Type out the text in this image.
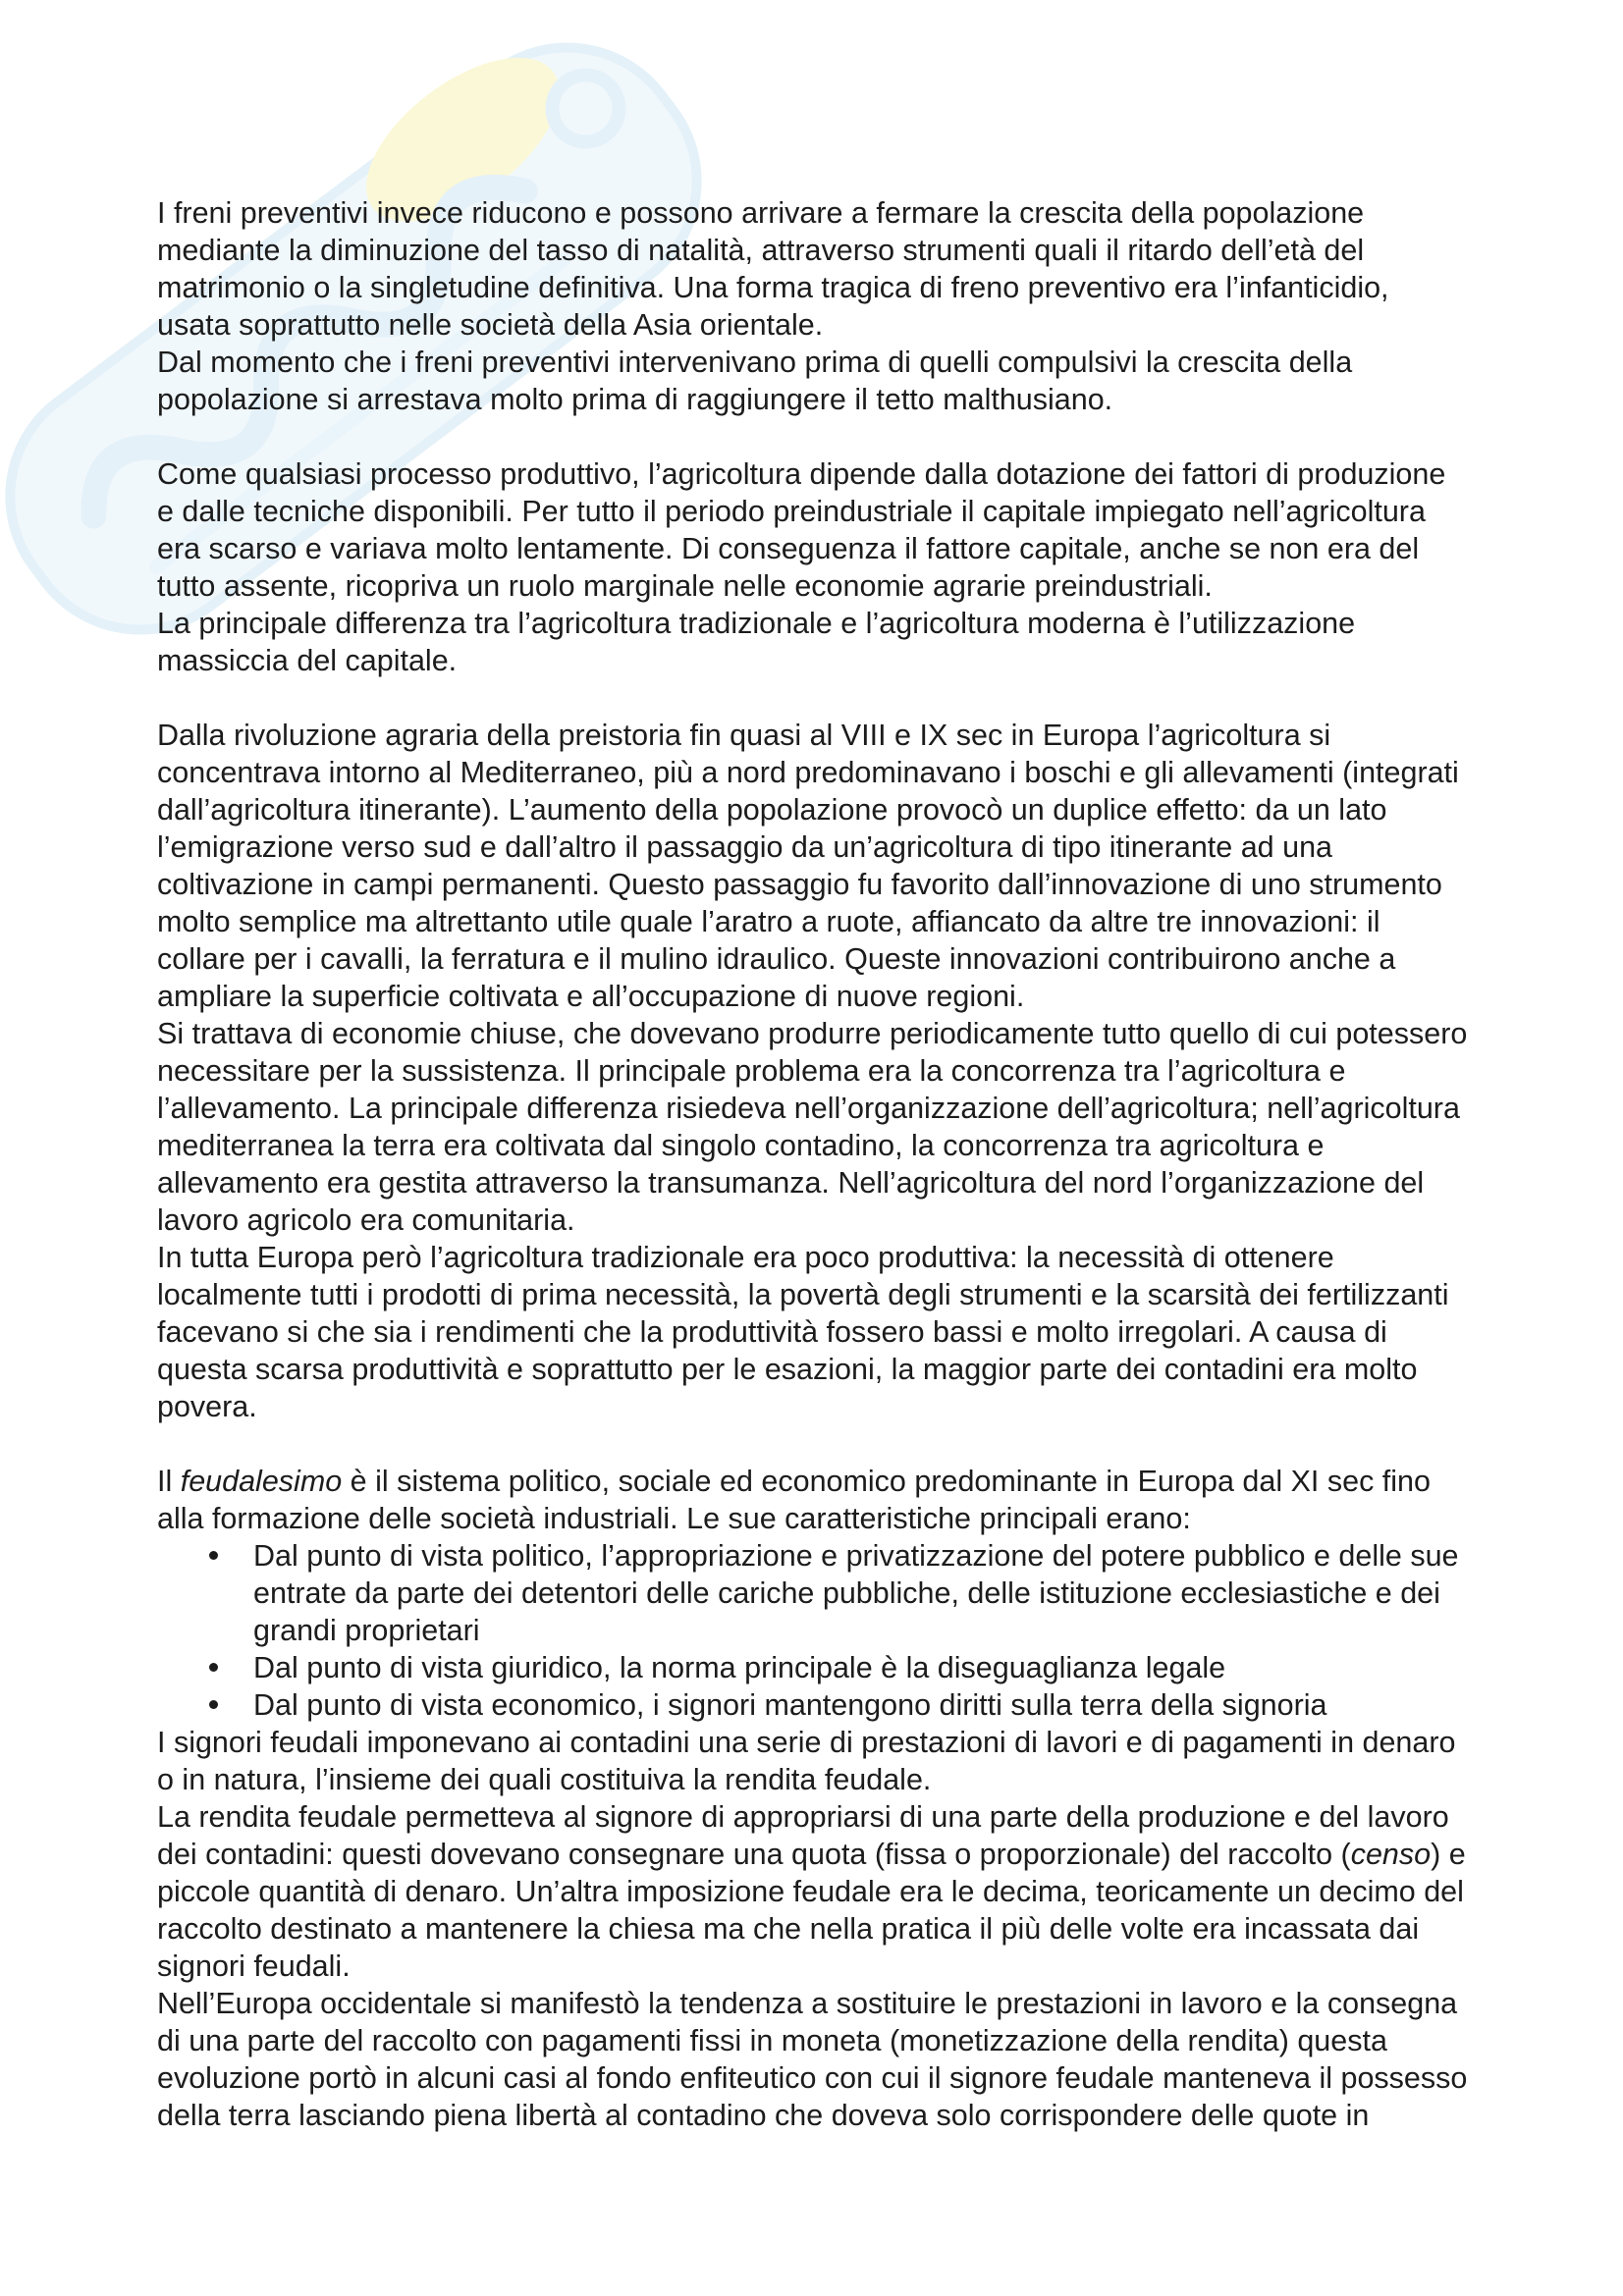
I freni preventivi invece riducono e possono arrivare a fermare la crescita della popolazione
mediante la diminuzione del tasso di natalità, attraverso strumenti quali il ritardo dell’età del
matrimonio o la singletudine definitiva. Una forma tragica di freno preventivo era l’infanticidio,
usata soprattutto nelle società della Asia orientale.
Dal momento che i freni preventivi intervenivano prima di quelli compulsivi la crescita della
popolazione si arrestava molto prima di raggiungere il tetto malthusiano.
Come qualsiasi processo produttivo, l’agricoltura dipende dalla dotazione dei fattori di produzione
e dalle tecniche disponibili. Per tutto il periodo preindustriale il capitale impiegato nell’agricoltura
era scarso e variava molto lentamente. Di conseguenza il fattore capitale, anche se non era del
tutto assente, ricopriva un ruolo marginale nelle economie agrarie preindustriali.
La principale differenza tra l’agricoltura tradizionale e l’agricoltura moderna è l’utilizzazione
massiccia del capitale.
Dalla rivoluzione agraria della preistoria fin quasi al VIII e IX sec in Europa l’agricoltura si
concentrava intorno al Mediterraneo, più a nord predominavano i boschi e gli allevamenti (integrati
dall’agricoltura itinerante). L’aumento della popolazione provocò un duplice effetto: da un lato
l’emigrazione verso sud e dall’altro il passaggio da un’agricoltura di tipo itinerante ad una
coltivazione in campi permanenti. Questo passaggio fu favorito dall’innovazione di uno strumento
molto semplice ma altrettanto utile quale l’aratro a ruote, affiancato da altre tre innovazioni: il
collare per i cavalli, la ferratura e il mulino idraulico. Queste innovazioni contribuirono anche a
ampliare la superficie coltivata e all’occupazione di nuove regioni.
Si trattava di economie chiuse, che dovevano produrre periodicamente tutto quello di cui potessero
necessitare per la sussistenza. Il principale problema era la concorrenza tra l’agricoltura e
l’allevamento. La principale differenza risiedeva nell’organizzazione dell’agricoltura; nell’agricoltura
mediterranea la terra era coltivata dal singolo contadino, la concorrenza tra agricoltura e
allevamento era gestita attraverso la transumanza. Nell’agricoltura del nord l’organizzazione del
lavoro agricolo era comunitaria.
In tutta Europa però l’agricoltura tradizionale era poco produttiva: la necessità di ottenere
localmente tutti i prodotti di prima necessità, la povertà degli strumenti e la scarsità dei fertilizzanti
facevano si che sia i rendimenti che la produttività fossero bassi e molto irregolari. A causa di
questa scarsa produttività e soprattutto per le esazioni, la maggior parte dei contadini era molto
povera.
Il feudalesimo è il sistema politico, sociale ed economico predominante in Europa dal XI sec fino
alla formazione delle società industriali. Le sue caratteristiche principali erano:
Dal punto di vista politico, l’appropriazione e privatizzazione del potere pubblico e delle sue
entrate da parte dei detentori delle cariche pubbliche, delle istituzione ecclesiastiche e dei
grandi proprietari
Dal punto di vista giuridico, la norma principale è la diseguaglianza legale
Dal punto di vista economico, i signori mantengono diritti sulla terra della signoria
I signori feudali imponevano ai contadini una serie di prestazioni di lavori e di pagamenti in denaro
o in natura, l’insieme dei quali costituiva la rendita feudale.
La rendita feudale permetteva al signore di appropriarsi di una parte della produzione e del lavoro
dei contadini: questi dovevano consegnare una quota (fissa o proporzionale) del raccolto (censo) e
piccole quantità di denaro. Un’altra imposizione feudale era le decima, teoricamente un decimo del
raccolto destinato a mantenere la chiesa ma che nella pratica il più delle volte era incassata dai
signori feudali.
Nell’Europa occidentale si manifestò la tendenza a sostituire le prestazioni in lavoro e la consegna
di una parte del raccolto con pagamenti fissi in moneta (monetizzazione della rendita) questa
evoluzione portò in alcuni casi al fondo enfiteutico con cui il signore feudale manteneva il possesso
della terra lasciando piena libertà al contadino che doveva solo corrispondere delle quote in
